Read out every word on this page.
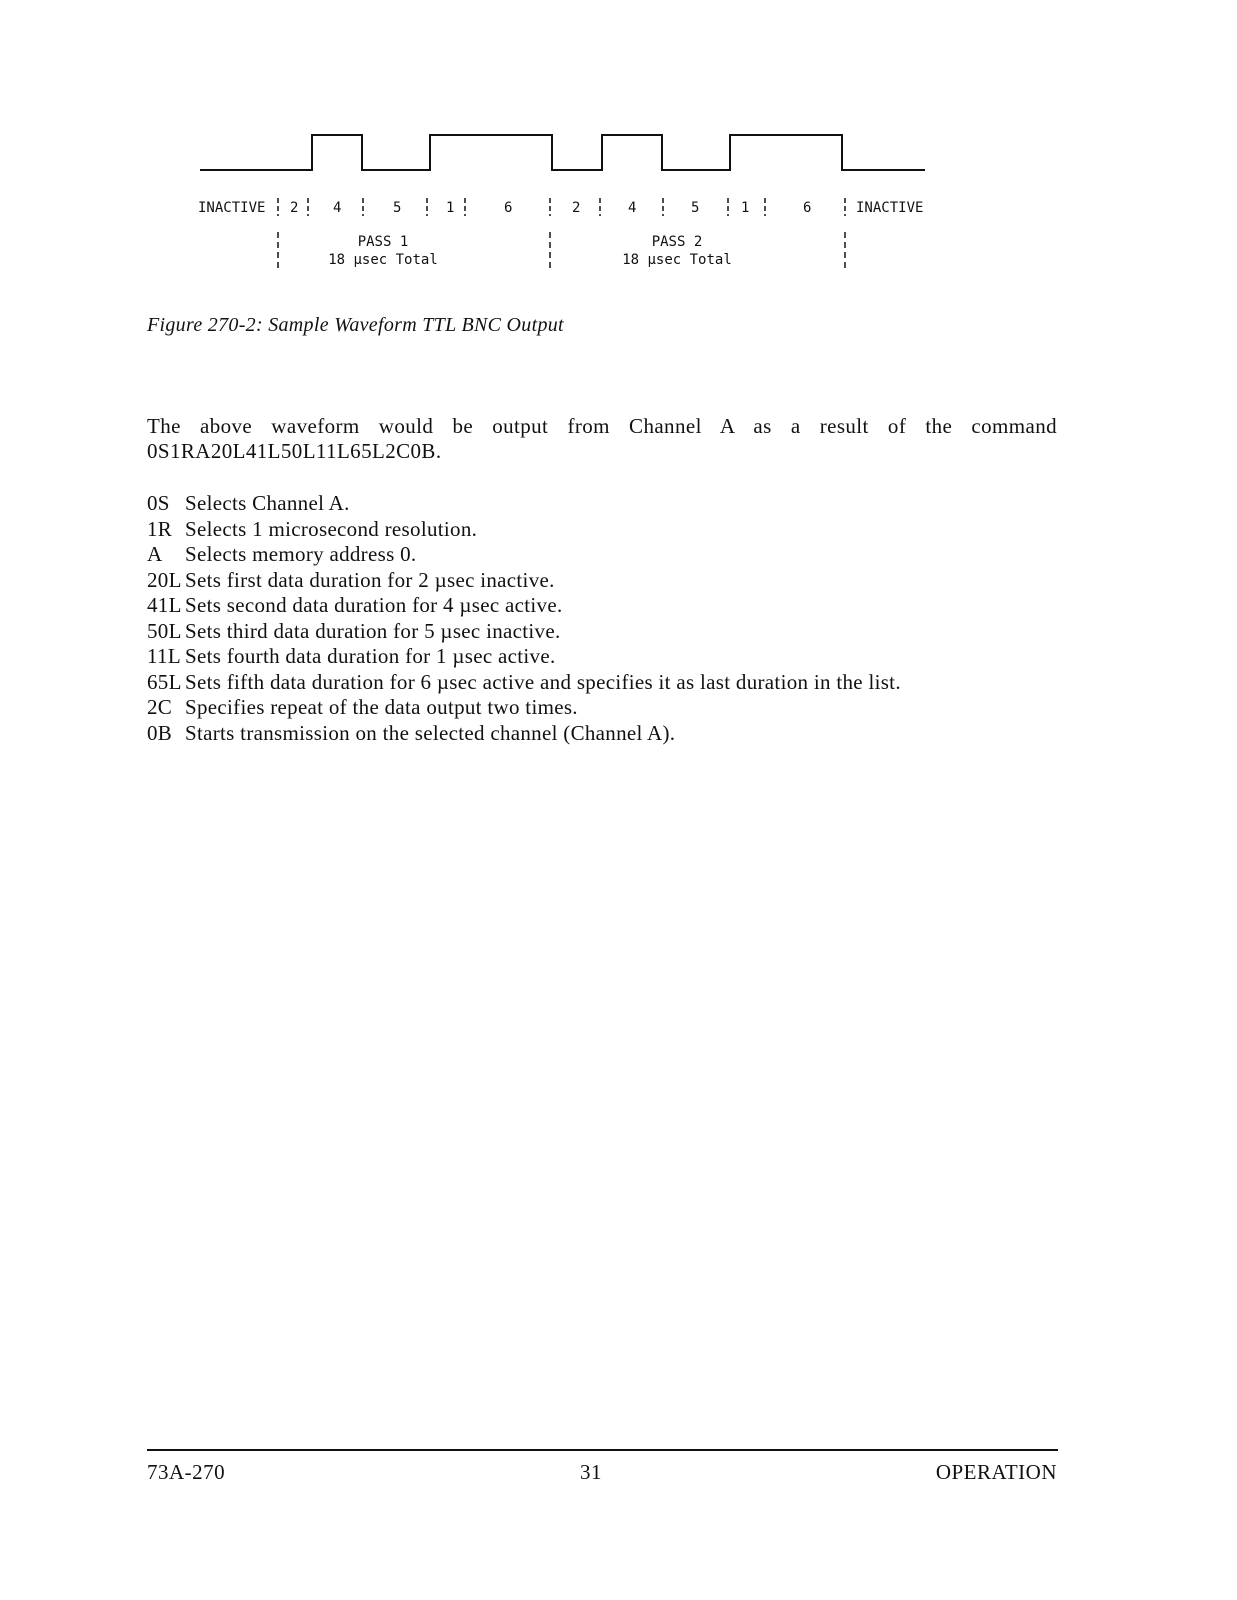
INACTIVE 2 4	5	1	6	2	4	5	1	6	INACTIVE
PASS 1
18 µsec Total
PASS 2
18 µsec Total
Figure 270-2: Sample Waveform TTL BNC Output
The above waveform would be output from Channel A as a result of the command
0S1RA20L41L50L11L65L2C0B.
0S Selects Channel A.
1R Selects 1 microsecond resolution.
A	Selects memory address 0.
20L Sets first data duration for 2 µsec inactive.
41L Sets second data duration for 4 µsec active.
50L Sets third data duration for 5 µsec inactive.
11L Sets fourth data duration for 1 µsec active.
65L Sets fifth data duration for 6 µsec active and specifies it as last duration in the list.
2C Specifies repeat of the data output two times.
0B Starts transmission on the selected channel (Channel A).
73A-270	31	OPERATION
